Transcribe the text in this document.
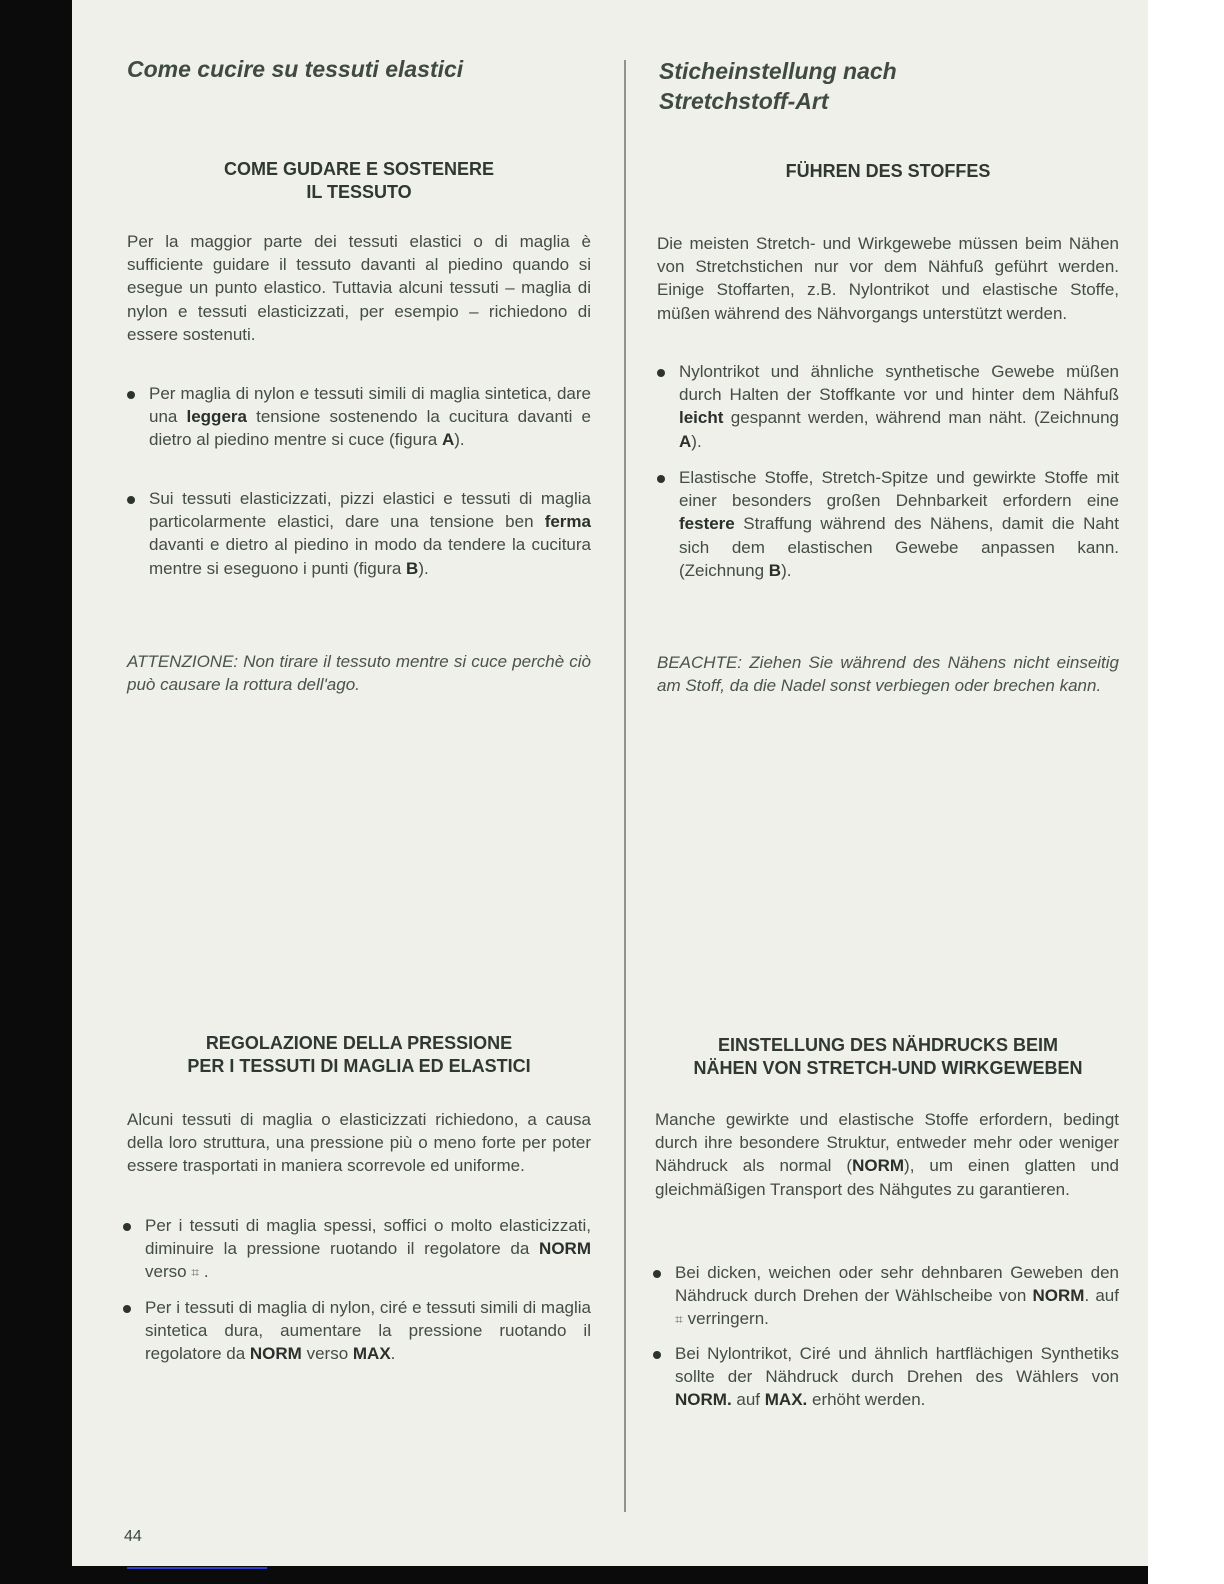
Come cucire su tessuti elastici
COME GUDARE E SOSTENERE
IL TESSUTO

Per la maggior parte dei tessuti elastici o di maglia è sufficiente guidare il tessuto davanti al piedino quando si esegue un punto elastico. Tuttavia alcuni tessuti – maglia di nylon e tessuti elasticizzati, per esempio – richiedono di essere sostenuti.

Per maglia di nylon e tessuti simili di maglia sintetica, dare una leggera tensione sostenendo la cucitura davanti e dietro al piedino mentre si cuce (figura A).

Sui tessuti elasticizzati, pizzi elastici e tessuti di maglia particolarmente elastici, dare una tensione ben ferma davanti e dietro al piedino in modo da tendere la cucitura mentre si eseguono i punti (figura B).

ATTENZIONE: Non tirare il tessuto mentre si cuce perchè ciò può causare la rottura dell'ago.

REGOLAZIONE DELLA PRESSIONE
PER I TESSUTI DI MAGLIA ED ELASTICI

Alcuni tessuti di maglia o elasticizzati richiedono, a causa della loro struttura, una pressione più o meno forte per poter essere trasportati in maniera scorrevole ed uniforme.

Per i tessuti di maglia spessi, soffici o molto elasticizzati, diminuire la pressione ruotando il regolatore da NORM verso ⌗ .

Per i tessuti di maglia di nylon, ciré e tessuti simili di maglia sintetica dura, aumentare la pressione ruotando il regolatore da NORM verso MAX.

Sticheinstellung nach
Stretchstoff-Art
FÜHREN DES STOFFES

Die meisten Stretch- und Wirkgewebe müssen beim Nähen von Stretchstichen nur vor dem Nähfuß geführt werden. Einige Stoffarten, z.B. Nylontrikot und elastische Stoffe, müßen während des Nähvorgangs unterstützt werden.

Nylontrikot und ähnliche synthetische Gewebe müßen durch Halten der Stoffkante vor und hinter dem Nähfuß leicht gespannt werden, während man näht. (Zeichnung A).

Elastische Stoffe, Stretch-Spitze und gewirkte Stoffe mit einer besonders großen Dehnbarkeit erfordern eine festere Straffung während des Nähens, damit die Naht sich dem elastischen Gewebe anpassen kann. (Zeichnung B).

BEACHTE: Ziehen Sie während des Nähens nicht einseitig am Stoff, da die Nadel sonst verbiegen oder brechen kann.

EINSTELLUNG DES NÄHDRUCKS BEIM
NÄHEN VON STRETCH-UND WIRKGEWEBEN

Manche gewirkte und elastische Stoffe erfordern, bedingt durch ihre besondere Struktur, entweder mehr oder weniger Nähdruck als normal (NORM), um einen glatten und gleichmäßigen Transport des Nähgutes zu garantieren.

Bei dicken, weichen oder sehr dehnbaren Geweben den Nähdruck durch Drehen der Wählscheibe von NORM. auf ⌗ verringern.

Bei Nylontrikot, Ciré und ähnlich hartflächigen Synthetiks sollte der Nähdruck durch Drehen des Wählers von NORM. auf MAX. erhöht werden.

44
